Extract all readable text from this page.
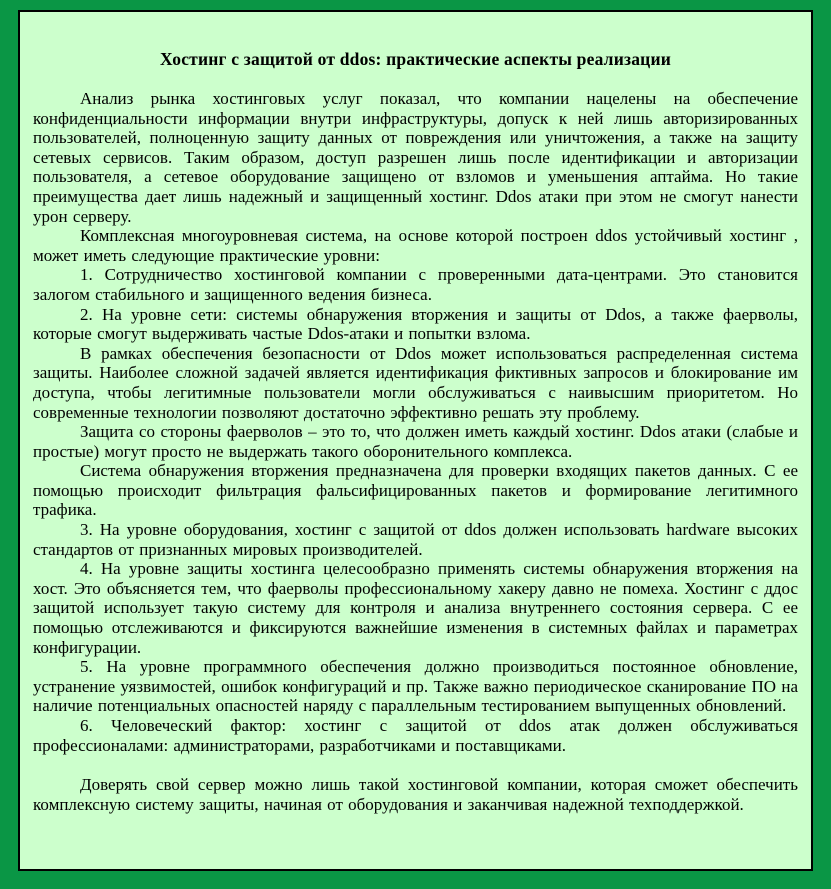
Хостинг с защитой от ddos: практические аспекты реализации

Анализ рынка хостинговых услуг показал, что компании нацелены на обеспечение конфиденциальности информации внутри инфраструктуры, допуск к ней лишь авторизированных пользователей, полноценную защиту данных от повреждения или уничтожения, а также на защиту сетевых сервисов. Таким образом, доступ разрешен лишь после идентификации и авторизации пользователя, а сетевое оборудование защищено от взломов и уменьшения аптайма. Но такие преимущества дает лишь надежный и защищенный хостинг. Ddos атаки при этом не смогут нанести урон серверу.

Комплексная многоуровневая система, на основе которой построен ddos устойчивый хостинг , может иметь следующие практические уровни:

1. Сотрудничество хостинговой компании с проверенными дата-центрами. Это становится залогом стабильного и защищенного ведения бизнеса.

2. На уровне сети: системы обнаружения вторжения и защиты от Ddos, а также фаерволы, которые смогут выдерживать частые Ddos-атаки и попытки взлома.

В рамках обеспечения безопасности от Ddos может использоваться распределенная система защиты. Наиболее сложной задачей является идентификация фиктивных запросов и блокирование им доступа, чтобы легитимные пользователи могли обслуживаться с наивысшим приоритетом. Но современные технологии позволяют достаточно эффективно решать эту проблему.

Защита со стороны фаерволов – это то, что должен иметь каждый хостинг. Ddos атаки (слабые и простые) могут просто не выдержать такого оборонительного комплекса.

Система обнаружения вторжения предназначена для проверки входящих пакетов данных. С ее помощью происходит фильтрация фальсифицированных пакетов и формирование легитимного трафика.

3. На уровне оборудования, хостинг с защитой от ddos должен использовать hardware высоких стандартов от признанных мировых производителей.

4. На уровне защиты хостинга целесообразно применять системы обнаружения вторжения на хост. Это объясняется тем, что фаерволы профессиональному хакеру давно не помеха. Хостинг с ддос защитой использует такую систему для контроля и анализа внутреннего состояния сервера. С ее помощью отслеживаются и фиксируются важнейшие изменения в системных файлах и параметрах конфигурации.

5. На уровне программного обеспечения должно производиться постоянное обновление, устранение уязвимостей, ошибок конфигураций и пр. Также важно периодическое сканирование ПО на наличие потенциальных опасностей наряду с параллельным тестированием выпущенных обновлений.

6. Человеческий фактор: хостинг с защитой от ddos атак должен обслуживаться профессионалами: администраторами, разработчиками и поставщиками.

Доверять свой сервер можно лишь такой хостинговой компании, которая сможет обеспечить комплексную систему защиты, начиная от оборудования и заканчивая надежной техподдержкой.
